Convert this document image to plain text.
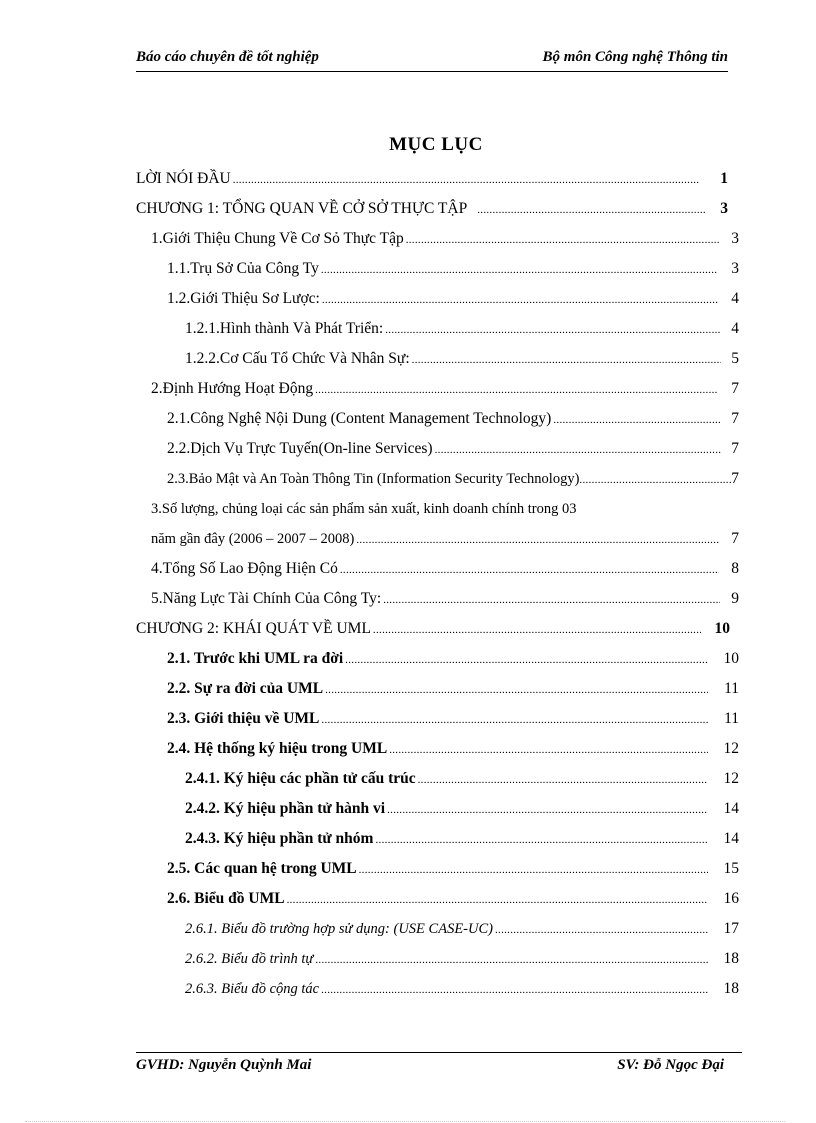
Báo cáo chuyên đề tốt nghiệp	Bộ môn Công nghệ Thông tin
MỤC LỤC
LỜI NÓI ĐẦU .....	1
CHƯƠNG 1: TỔNG QUAN VỀ CỞ SỞ THỰC TẬP .....	3
1.Giới Thiệu Chung Về Cơ Sỏ Thực Tập .....	3
1.1.Trụ Sở Của Công Ty .....	3
1.2.Giới Thiệu Sơ Lược: .....	4
1.2.1.Hình thành Và Phát Triển: .....	4
1.2.2.Cơ Cấu Tổ Chức Và Nhân Sự: .....	5
2.Định Hướng Hoạt Động .....	7
2.1.Công Nghệ Nội Dung (Content Management Technology) .....	7
2.2.Dịch Vụ Trực Tuyến(On-line Services) .....	7
2.3.Bảo Mật và An Toàn Thông Tin (Information Security Technology) .....	7
3.Số lượng, chủng loại các sản phẩm sản xuất, kinh doanh chính trong 03
năm gần đây (2006 – 2007 – 2008) .....	7
4.Tổng Số Lao Động Hiện Có .....	8
5.Năng Lực Tài Chính Của Công Ty: .....	9
CHƯƠNG 2: KHÁI QUÁT VỀ UML .....	10
2.1. Trước khi UML ra đời .....	10
2.2. Sự ra đời của UML .....	11
2.3. Giới thiệu về UML .....	11
2.4. Hệ thống ký hiệu trong UML .....	12
2.4.1. Ký hiệu các phần tử cấu trúc .....	12
2.4.2. Ký hiệu phần tử hành vi .....	14
2.4.3. Ký hiệu phần tử nhóm .....	14
2.5. Các quan hệ trong UML .....	15
2.6. Biểu đồ UML .....	16
2.6.1. Biểu đồ trường hợp sử dụng: (USE CASE-UC) .....	17
2.6.2. Biểu đồ trình tự .....	18
2.6.3. Biểu đồ cộng tác .....	18
GVHD: Nguyễn Quỳnh Mai	SV: Đỗ Ngọc Đại
